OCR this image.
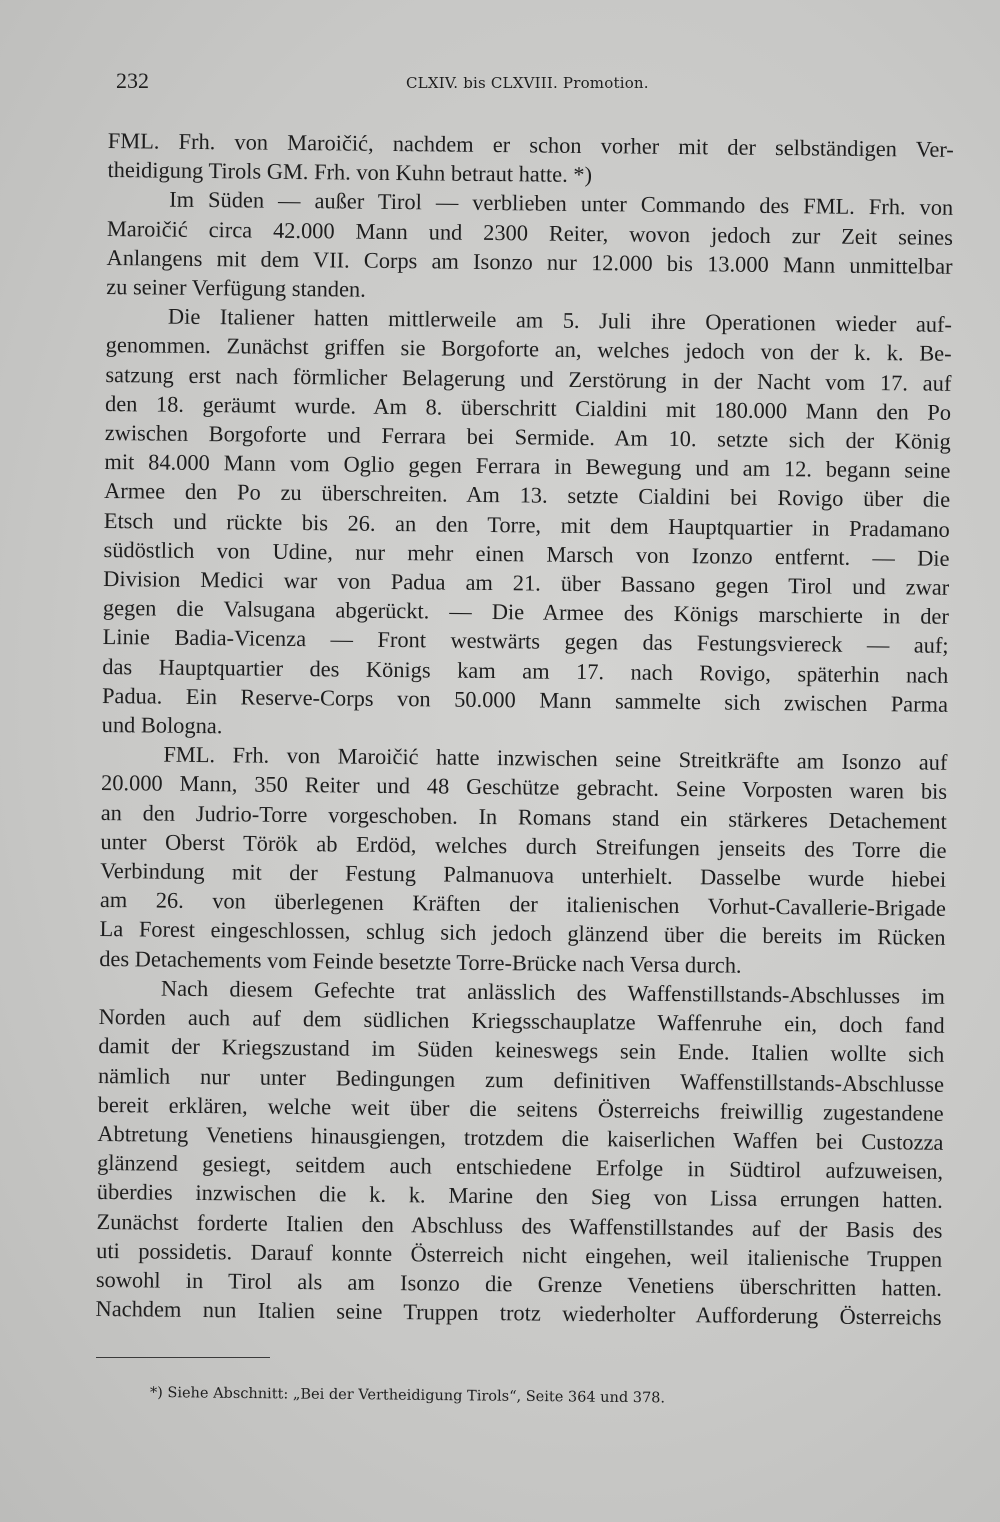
232	CLXIV. bis CLXVIII. Promotion.
FML. Frh. von Maroičić, nachdem er schon vorher mit der selbständigen Ver-
theidigung Tirols GM. Frh. von Kuhn betraut hatte. *)
Im Süden — außer Tirol — verblieben unter Commando des FML. Frh. von
Maroičić circa 42.000 Mann und 2300 Reiter, wovon jedoch zur Zeit seines
Anlangens mit dem VII. Corps am Isonzo nur 12.000 bis 13.000 Mann unmittelbar
zu seiner Verfügung standen.
Die Italiener hatten mittlerweile am 5. Juli ihre Operationen wieder auf-
genommen. Zunächst griffen sie Borgoforte an, welches jedoch von der k. k. Be-
satzung erst nach förmlicher Belagerung und Zerstörung in der Nacht vom 17. auf
den 18. geräumt wurde. Am 8. überschritt Cialdini mit 180.000 Mann den Po
zwischen Borgoforte und Ferrara bei Sermide. Am 10. setzte sich der König
mit 84.000 Mann vom Oglio gegen Ferrara in Bewegung und am 12. begann seine
Armee den Po zu überschreiten. Am 13. setzte Cialdini bei Rovigo über die
Etsch und rückte bis 26. an den Torre, mit dem Hauptquartier in Pradamano
südöstlich von Udine, nur mehr einen Marsch von Izonzo entfernt. — Die
Division Medici war von Padua am 21. über Bassano gegen Tirol und zwar
gegen die Valsugana abgerückt. — Die Armee des Königs marschierte in der
Linie Badia-Vicenza — Front westwärts gegen das Festungsviereck — auf;
das Hauptquartier des Königs kam am 17. nach Rovigo, späterhin nach
Padua. Ein Reserve-Corps von 50.000 Mann sammelte sich zwischen Parma
und Bologna.
FML. Frh. von Maroičić hatte inzwischen seine Streitkräfte am Isonzo auf
20.000 Mann, 350 Reiter und 48 Geschütze gebracht. Seine Vorposten waren bis
an den Judrio-Torre vorgeschoben. In Romans stand ein stärkeres Detachement
unter Oberst Török ab Erdöd, welches durch Streifungen jenseits des Torre die
Verbindung mit der Festung Palmanuova unterhielt. Dasselbe wurde hiebei
am 26. von überlegenen Kräften der italienischen Vorhut-Cavallerie-Brigade
La Forest eingeschlossen, schlug sich jedoch glänzend über die bereits im Rücken
des Detachements vom Feinde besetzte Torre-Brücke nach Versa durch.
Nach diesem Gefechte trat anlässlich des Waffenstillstands-Abschlusses im
Norden auch auf dem südlichen Kriegsschauplatze Waffenruhe ein, doch fand
damit der Kriegszustand im Süden keineswegs sein Ende. Italien wollte sich
nämlich nur unter Bedingungen zum definitiven Waffenstillstands-Abschlusse
bereit erklären, welche weit über die seitens Österreichs freiwillig zugestandene
Abtretung Venetiens hinausgiengen, trotzdem die kaiserlichen Waffen bei Custozza
glänzend gesiegt, seitdem auch entschiedene Erfolge in Südtirol aufzuweisen,
überdies inzwischen die k. k. Marine den Sieg von Lissa errungen hatten.
Zunächst forderte Italien den Abschluss des Waffenstillstandes auf der Basis des
uti possidetis. Darauf konnte Österreich nicht eingehen, weil italienische Truppen
sowohl in Tirol als am Isonzo die Grenze Venetiens überschritten hatten.
Nachdem nun Italien seine Truppen trotz wiederholter Aufforderung Österreichs
*) Siehe Abschnitt: „Bei der Vertheidigung Tirols“, Seite 364 und 378.
